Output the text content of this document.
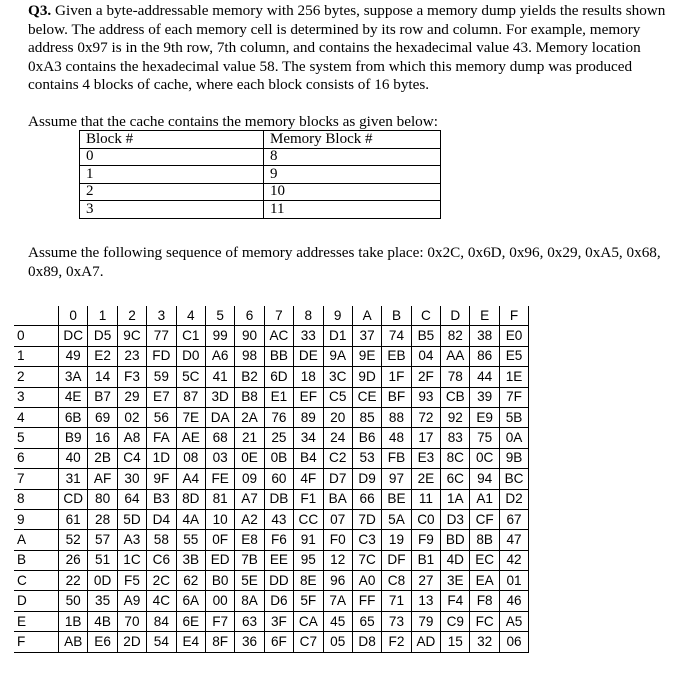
Q3. Given a byte-addressable memory with 256 bytes, suppose a memory dump yields the results shown below. The address of each memory cell is determined by its row and column. For example, memory address 0x97 is in the 9th row, 7th column, and contains the hexadecimal value 43. Memory location 0xA3 contains the hexadecimal value 58. The system from which this memory dump was produced contains 4 blocks of cache, where each block consists of 16 bytes.
Assume that the cache contains the memory blocks as given below:
Block #	Memory Block #
0	8
1	9
2	10
3	11
Assume the following sequence of memory addresses take place: 0x2C, 0x6D, 0x96, 0x29, 0xA5, 0x68, 0x89, 0xA7.
	0	1	2	3	4	5	6	7	8	9	A	B	C	D	E	F
0	DC	D5	9C	77	C1	99	90	AC	33	D1	37	74	B5	82	38	E0
1	49	E2	23	FD	D0	A6	98	BB	DE	9A	9E	EB	04	AA	86	E5
2	3A	14	F3	59	5C	41	B2	6D	18	3C	9D	1F	2F	78	44	1E
3	4E	B7	29	E7	87	3D	B8	E1	EF	C5	CE	BF	93	CB	39	7F
4	6B	69	02	56	7E	DA	2A	76	89	20	85	88	72	92	E9	5B
5	B9	16	A8	FA	AE	68	21	25	34	24	B6	48	17	83	75	0A
6	40	2B	C4	1D	08	03	0E	0B	B4	C2	53	FB	E3	8C	0C	9B
7	31	AF	30	9F	A4	FE	09	60	4F	D7	D9	97	2E	6C	94	BC
8	CD	80	64	B3	8D	81	A7	DB	F1	BA	66	BE	11	1A	A1	D2
9	61	28	5D	D4	4A	10	A2	43	CC	07	7D	5A	C0	D3	CF	67
A	52	57	A3	58	55	0F	E8	F6	91	F0	C3	19	F9	BD	8B	47
B	26	51	1C	C6	3B	ED	7B	EE	95	12	7C	DF	B1	4D	EC	42
C	22	0D	F5	2C	62	B0	5E	DD	8E	96	A0	C8	27	3E	EA	01
D	50	35	A9	4C	6A	00	8A	D6	5F	7A	FF	71	13	F4	F8	46
E	1B	4B	70	84	6E	F7	63	3F	CA	45	65	73	79	C9	FC	A5
F	AB	E6	2D	54	E4	8F	36	6F	C7	05	D8	F2	AD	15	32	06
